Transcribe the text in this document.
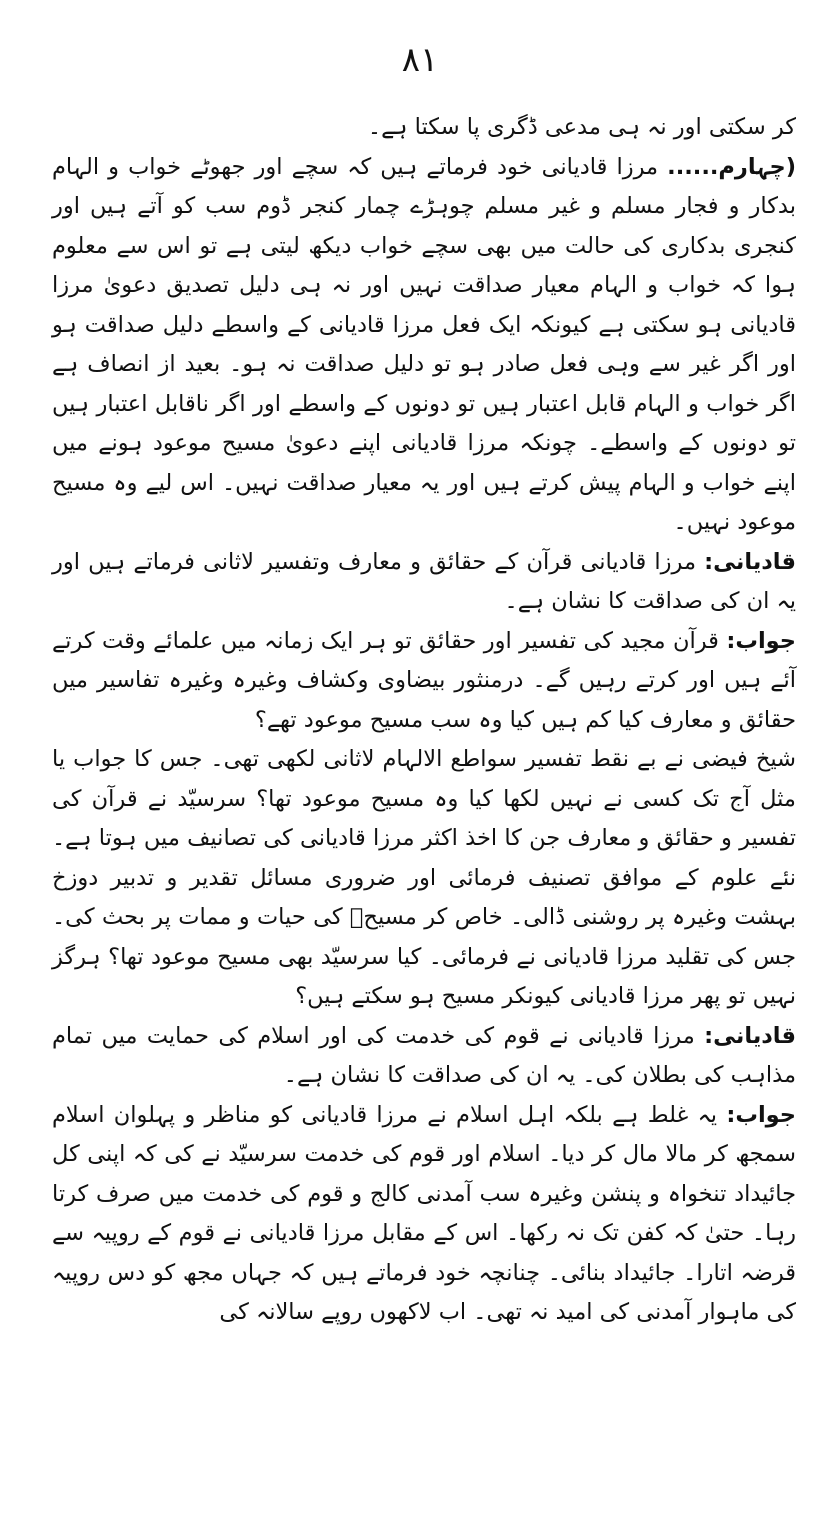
۸۱

کر سکتی اور نہ ہی مدعی ڈگری پا سکتا ہے۔

(چہارم...... مرزا قادیانی خود فرماتے ہیں کہ سچے اور جھوٹے خواب و الہام بدکار و فجار مسلم و غیر مسلم چوہڑے چمار کنجر ڈوم سب کو آتے ہیں اور کنجری بدکاری کی حالت میں بھی سچے خواب دیکھ لیتی ہے تو اس سے معلوم ہوا کہ خواب و الہام معیار صداقت نہیں اور نہ ہی دلیل تصدیق دعویٰ مرزا قادیانی ہو سکتی ہے کیونکہ ایک فعل مرزا قادیانی کے واسطے دلیل صداقت ہو اور اگر غیر سے وہی فعل صادر ہو تو دلیل صداقت نہ ہو۔ بعید از انصاف ہے اگر خواب و الہام قابل اعتبار ہیں تو دونوں کے واسطے اور اگر ناقابل اعتبار ہیں تو دونوں کے واسطے۔ چونکہ مرزا قادیانی اپنے دعویٰ مسیح موعود ہونے میں اپنے خواب و الہام پیش کرتے ہیں اور یہ معیار صداقت نہیں۔ اس لیے وہ مسیح موعود نہیں۔

قادیانی: مرزا قادیانی قرآن کے حقائق و معارف وتفسیر لاثانی فرماتے ہیں اور یہ ان کی صداقت کا نشان ہے۔

جواب: قرآن مجید کی تفسیر اور حقائق تو ہر ایک زمانہ میں علمائے وقت کرتے آئے ہیں اور کرتے رہیں گے۔ درمنثور بیضاوی وکشاف وغیرہ وغیرہ تفاسیر میں حقائق و معارف کیا کم ہیں کیا وہ سب مسیح موعود تھے؟

شیخ فیضی نے بے نقط تفسیر سواطع الالہام لاثانی لکھی تھی۔ جس کا جواب یا مثل آج تک کسی نے نہیں لکھا کیا وہ مسیح موعود تھا؟ سرسیّد نے قرآن کی تفسیر و حقائق و معارف جن کا اخذ اکثر مرزا قادیانی کی تصانیف میں ہوتا ہے۔ نئے علوم کے موافق تصنیف فرمائی اور ضروری مسائل تقدیر و تدبیر دوزخ بہشت وغیرہ پر روشنی ڈالی۔ خاص کر مسیحؑ کی حیات و ممات پر بحث کی۔ جس کی تقلید مرزا قادیانی نے فرمائی۔ کیا سرسیّد بھی مسیح موعود تھا؟ ہرگز نہیں تو پھر مرزا قادیانی کیونکر مسیح ہو سکتے ہیں؟

قادیانی: مرزا قادیانی نے قوم کی خدمت کی اور اسلام کی حمایت میں تمام مذاہب کی بطلان کی۔ یہ ان کی صداقت کا نشان ہے۔

جواب: یہ غلط ہے بلکہ اہل اسلام نے مرزا قادیانی کو مناظر و پہلوان اسلام سمجھ کر مالا مال کر دیا۔ اسلام اور قوم کی خدمت سرسیّد نے کی کہ اپنی کل جائیداد تنخواہ و پنشن وغیرہ سب آمدنی کالج و قوم کی خدمت میں صرف کرتا رہا۔ حتیٰ کہ کفن تک نہ رکھا۔ اس کے مقابل مرزا قادیانی نے قوم کے روپیہ سے قرضہ اتارا۔ جائیداد بنائی۔ چنانچہ خود فرماتے ہیں کہ جہاں مجھ کو دس روپیہ کی ماہوار آمدنی کی امید نہ تھی۔ اب لاکھوں روپے سالانہ کی
